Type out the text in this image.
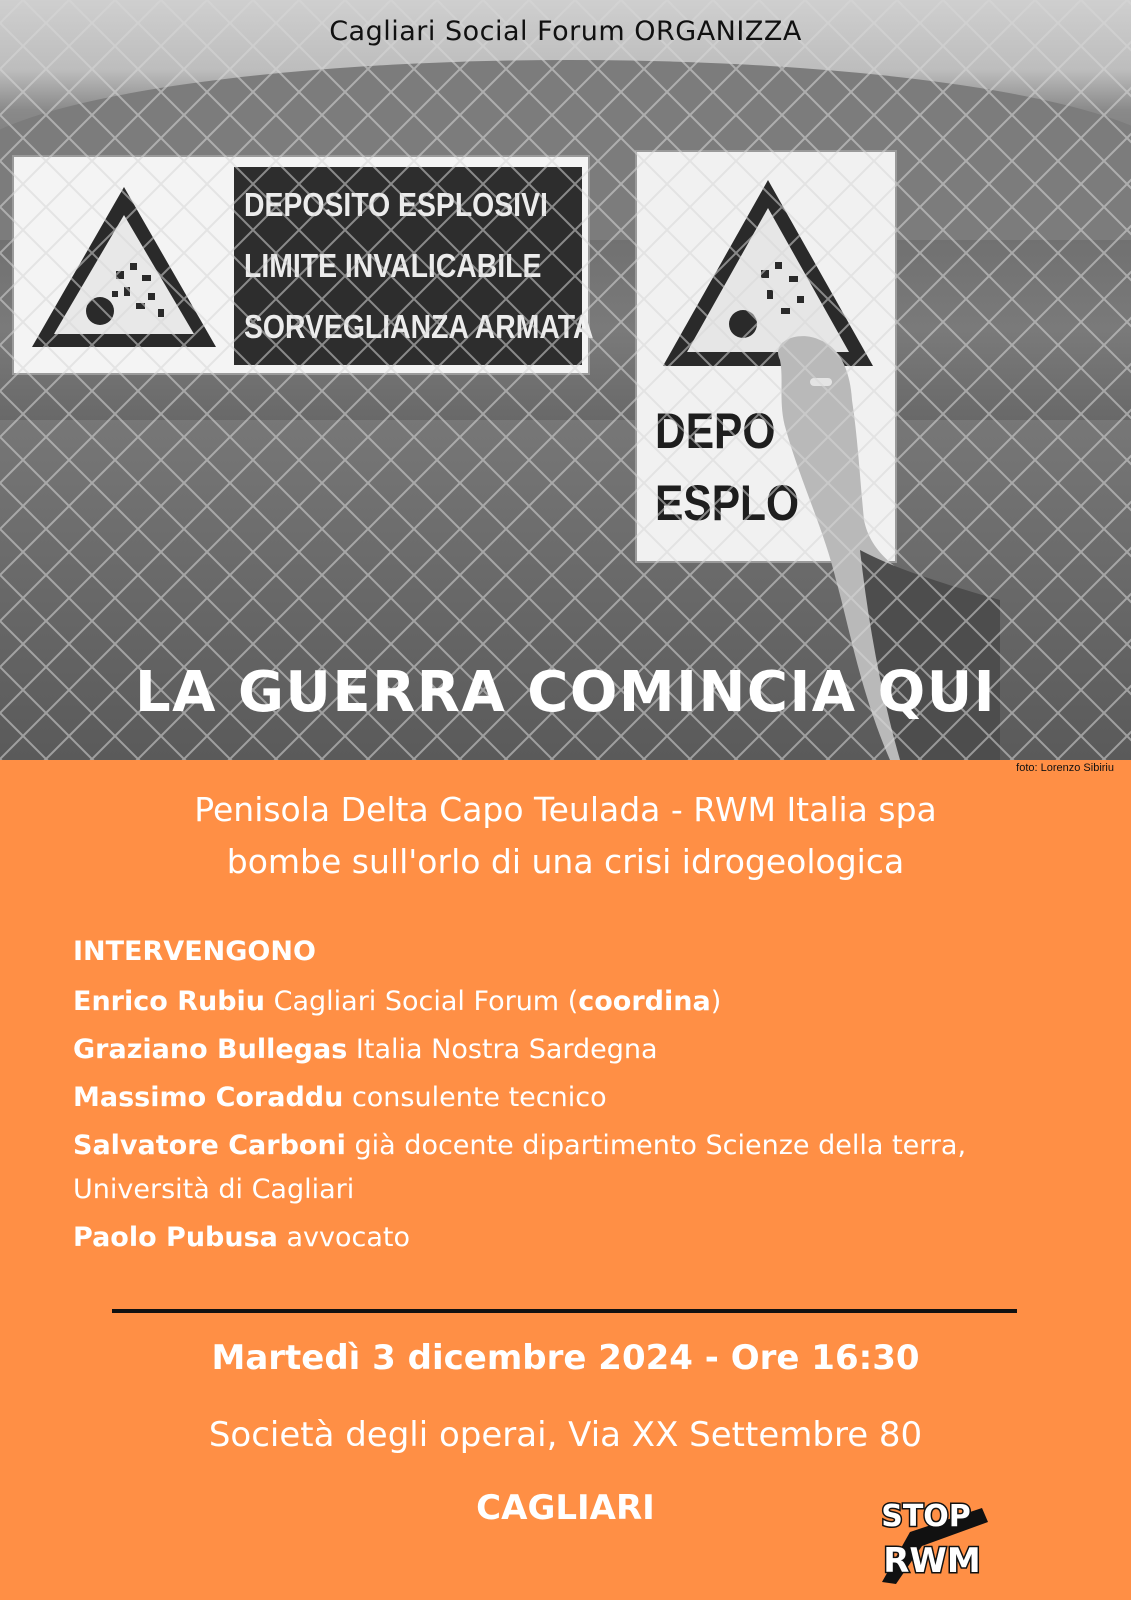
Cagliari Social Forum ORGANIZZA
LA GUERRA COMINCIA QUI
foto: Lorenzo Sibiriu
Penisola Delta Capo Teulada - RWM Italia spa
bombe sull'orlo di una crisi idrogeologica
INTERVENGONO
Enrico Rubiu Cagliari Social Forum (coordina)
Graziano Bullegas Italia Nostra Sardegna
Massimo Coraddu consulente tecnico
Salvatore Carboni già docente dipartimento Scienze della terra, Università di Cagliari
Paolo Pubusa avvocato
Martedì 3 dicembre 2024 - Ore 16:30
Società degli operai, Via XX Settembre 80
CAGLIARI	STOP
RWM
